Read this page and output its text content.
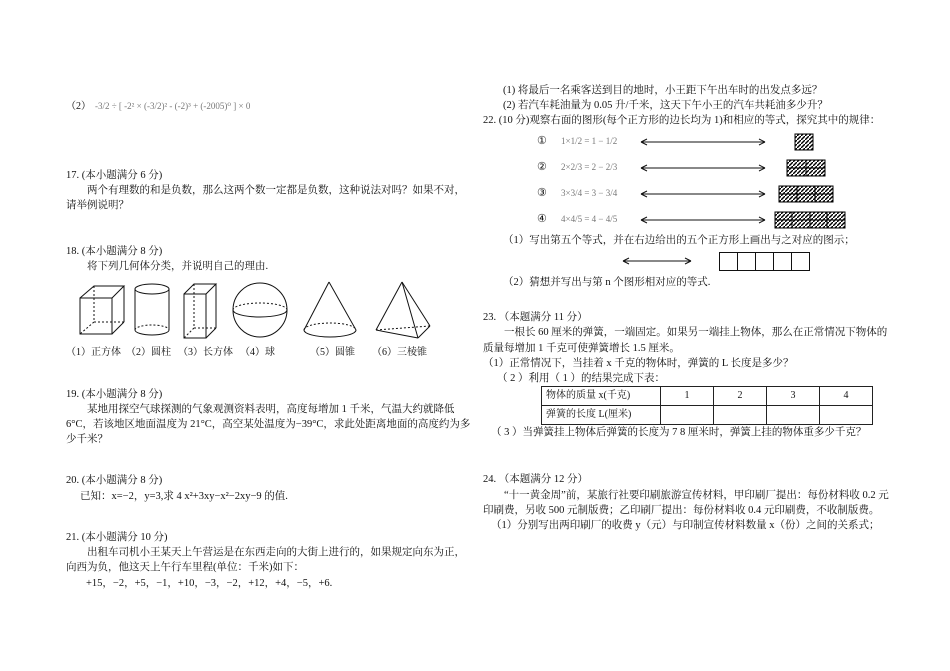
（2） -3/2 ÷ [ -2² × (-3/2)² - (-2)³ + (-2005)⁰ ] × 0

17. (本小题满分 6 分)

两个有理数的和是负数，那么这两个数一定都是负数，这种说法对吗？如果不对，请举例说明？

18. (本小题满分 8 分)

将下列几何体分类，并说明自己的理由.

（1）正方体 （2）圆柱 （3）长方体 （4）球	（5）圆锥	（6）三棱锥

19. (本小题满分 8 分)

某地用探空气球探测的气象观测资料表明，高度每增加 1 千米，气温大约就降低 6°C，若该地区地面温度为 21°C，高空某处温度为−39°C，求此处距离地面的高度约为多少千米？

20. (本小题满分 8 分)

已知：x=−2，y=3,求 4 x²+3xy−x²−2xy−9 的值.

21. (本小题满分 10 分)

出租车司机小王某天上午营运是在东西走向的大街上进行的，如果规定向东为正，向西为负，他这天上午行车里程(单位：千米)如下：

+15，−2，+5，−1，+10，−3，−2，+12，+4，−5，+6.

(1) 将最后一名乘客送到目的地时，小王距下午出车时的出发点多远？

(2) 若汽车耗油量为 0.05 升/千米，这天下午小王的汽车共耗油多少升？

22. (10 分)观察右面的图形(每个正方形的边长均为 1)和相应的等式，探究其中的规律：

①	1×1/2 = 1 − 1/2
②	2×2/3 = 2 − 2/3
③	3×3/4 = 3 − 3/4
④	4×4/5 = 4 − 4/5

（1）写出第五个等式，并在右边给出的五个正方形上画出与之对应的图示；

（2）猜想并写出与第 n 个图形相对应的等式.

23. （本题满分 11 分）

一根长 60 厘米的弹簧，一端固定。如果另一端挂上物体，那么在正常情况下物体的质量每增加 1 千克可使弹簧增长 1.5 厘米。

（1）正常情况下，当挂着 x 千克的物体时，弹簧的 L 长度是多少？

（ 2 ）利用（ 1 ）的结果完成下表：

物体的质量 x(千克)	1	2	3	4
弹簧的长度 L(厘米)				

（ 3 ）当弹簧挂上物体后弹簧的长度为 7 8 厘米时，弹簧上挂的物体重多少千克？

24. （本题满分 12 分）

“十一黄金周”前，某旅行社要印刷旅游宣传材料，甲印刷厂提出：每份材料收 0.2 元印刷费，另收 500 元制版费；乙印刷厂提出：每份材料收 0.4 元印刷费，不收制版费。

（1）分别写出两印刷厂的收费 y（元）与印制宣传材料数量 x（份）之间的关系式；
